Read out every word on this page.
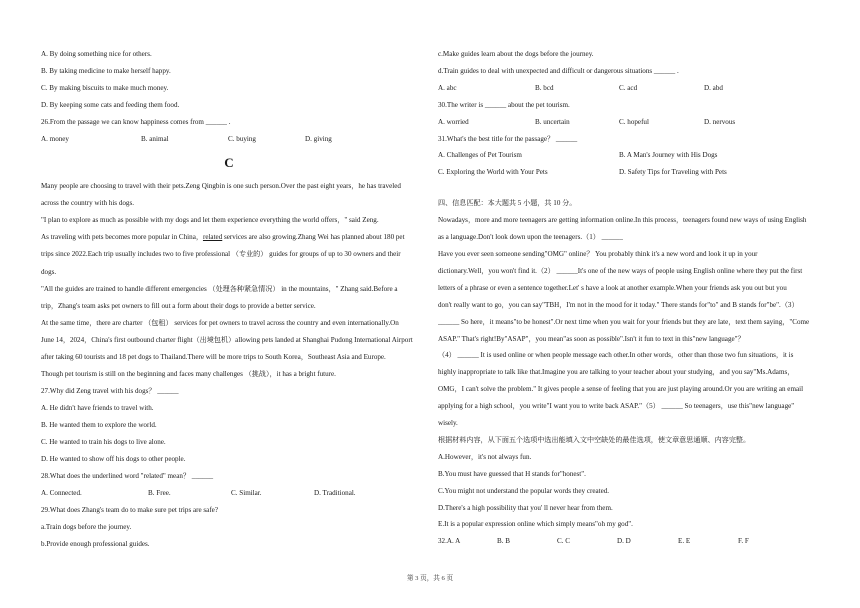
A. By doing something nice for others.
B. By taking medicine to make herself happy.
C. By making biscuits to make much money.
D. By keeping some cats and feeding them food.
26.From the passage we can know happiness comes from ______ .
A. money	B. animal	C. buying	D. giving
C
Many people are choosing to travel with their pets.Zeng Qingbin is one such person.Over the past eight years，he has traveled
across the country with his dogs.
"I plan to explore as much as possible with my dogs and let them experience everything the world offers，" said Zeng.
As traveling with pets becomes more popular in China，related services are also growing.Zhang Wei has planned about 180 pet
trips since 2022.Each trip usually includes two to five professional （专业的） guides for groups of up to 30 owners and their
dogs.
"All the guides are trained to handle different emergencies （处理各种紧急情况） in the mountains，" Zhang said.Before a
trip，Zhang's team asks pet owners to fill out a form about their dogs to provide a better service.
At the same time，there are charter （包租） services for pet owners to travel across the country and even internationally.On
June 14，2024，China's first outbound charter flight（出境包机）allowing pets landed at Shanghai Pudong International Airport
after taking 60 tourists and 18 pet dogs to Thailand.There will be more trips to South Korea，Southeast Asia and Europe.
Though pet tourism is still on the beginning and faces many challenges （挑战），it has a bright future.
27.Why did Zeng travel with his dogs？ ______
A. He didn't have friends to travel with.
B. He wanted them to explore the world.
C. He wanted to train his dogs to live alone.
D. He wanted to show off his dogs to other people.
28.What does the underlined word "related" mean？ ______
A. Connected.	B. Free.	C. Similar.	D. Traditional.
29.What does Zhang's team do to make sure pet trips are safe?
a.Train dogs before the journey.
b.Provide enough professional guides.
c.Make guides learn about the dogs before the journey.
d.Train guides to deal with unexpected and difficult or dangerous situations ______ .
A. abc	B. bcd	C. acd	D. abd
30.The writer is ______ about the pet tourism.
A. worried	B. uncertain	C. hopeful	D. nervous
31.What's the best title for the passage？ ______
A. Challenges of Pet Tourism	B. A Man's Journey with His Dogs
C. Exploring the World with Your Pets	D. Safety Tips for Traveling with Pets
四、信息匹配：本大题共 5 小题，共 10 分。
Nowadays，more and more teenagers are getting information online.In this process，teenagers found new ways of using English
as a language.Don't look down upon the teenagers.（1） ______
Have you ever seen someone sending"OMG" online？ You probably think it's a new word and look it up in your
dictionary.Well，you won't find it.（2） ______It's one of the new ways of people using English online where they put the first
letters of a phrase or even a sentence together.Let' s have a look at another example.When your friends ask you out but you
don't really want to go，you can say"TBH，I'm not in the mood for it today." There stands for"to" and B stands for"be".（3）
______ So here，it means"to be honest".Or next time when you wait for your friends but they are late，text them saying，"Come
ASAP." That's right!By"ASAP"，you mean"as soon as possible".Isn't it fun to text in this"new language"？
（4） ______ It is used online or when people message each other.In other words，other than those two fun situations，it is
highly inappropriate to talk like that.Imagine you are talking to your teacher about your studying，and you say"Ms.Adams，
OMG，I can't solve the problem." It gives people a sense of feeling that you are just playing around.Or you are writing an email
applying for a high school，you write"I want you to write back ASAP."（5） ______ So teenagers，use this"new language"
wisely.
根据材料内容，从下面五个选项中选出能填入文中空缺处的最佳选项，使文章意思通顺、内容完整。
A.However，it's not always fun.
B.You must have guessed that H stands for"honest".
C.You might not understand the popular words they created.
D.There's a high possibility that you' ll never hear from them.
E.It is a popular expression online which simply means"oh my god".
32.A. A	B. B	C. C	D. D	E. E	F. F
第 3 页，共 6 页
